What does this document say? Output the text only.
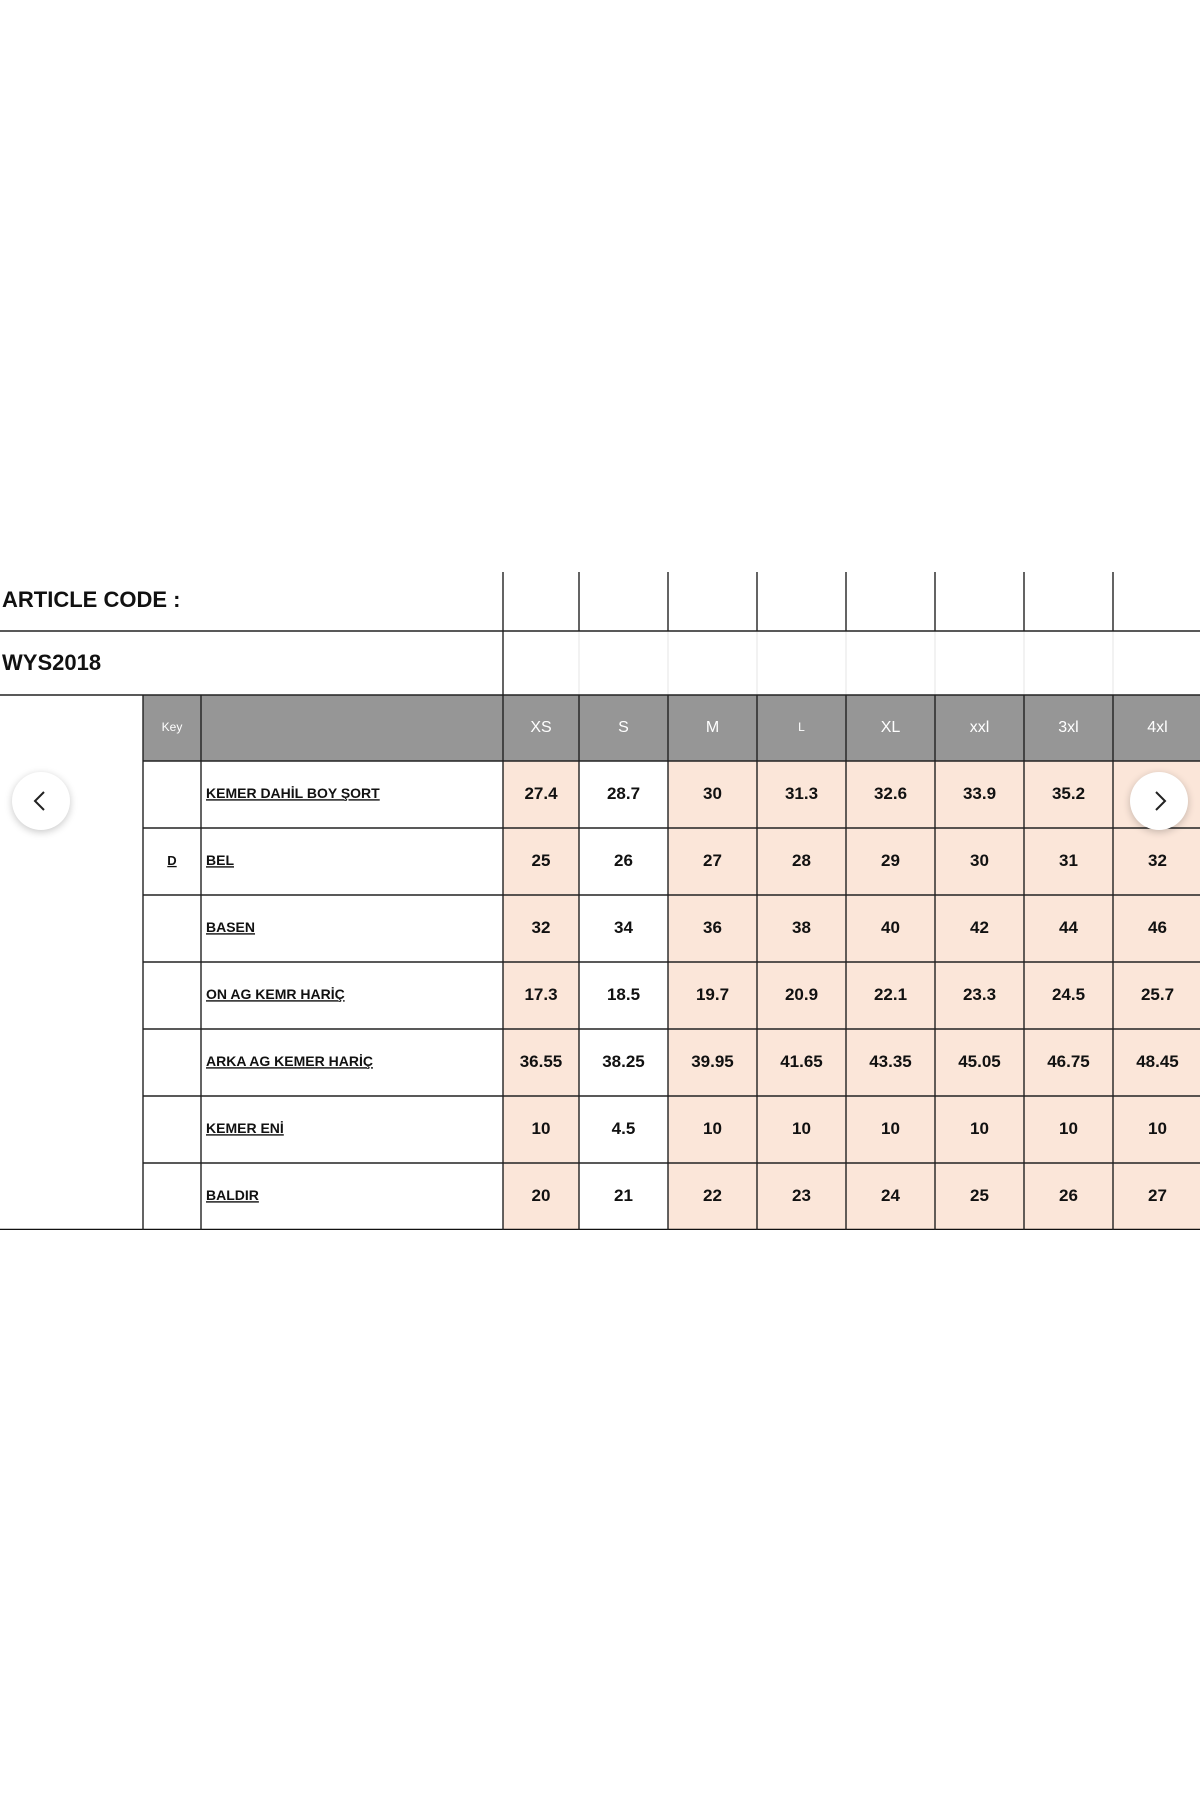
ARTICLE CODE :
WYS2018
Key	XS	S	M	L	XL	xxl	3xl	4xl
KEMER DAHİL BOY ŞORT	27.4	28.7	30	31.3	32.6	33.9	35.2
D BEL	25	26	27	28	29	30	31	32
BASEN	32	34	36	38	40	42	44	46
ON AG KEMR HARİÇ	17.3	18.5	19.7	20.9	22.1	23.3	24.5	25.7
ARKA AG KEMER HARİÇ	36.55 38.25	39.95	41.65	43.35	45.05	46.75	48.45
KEMER ENİ	10	4.5	10	10	10	10	10	10
BALDIR	20	21	22	23	24	25	26	27
